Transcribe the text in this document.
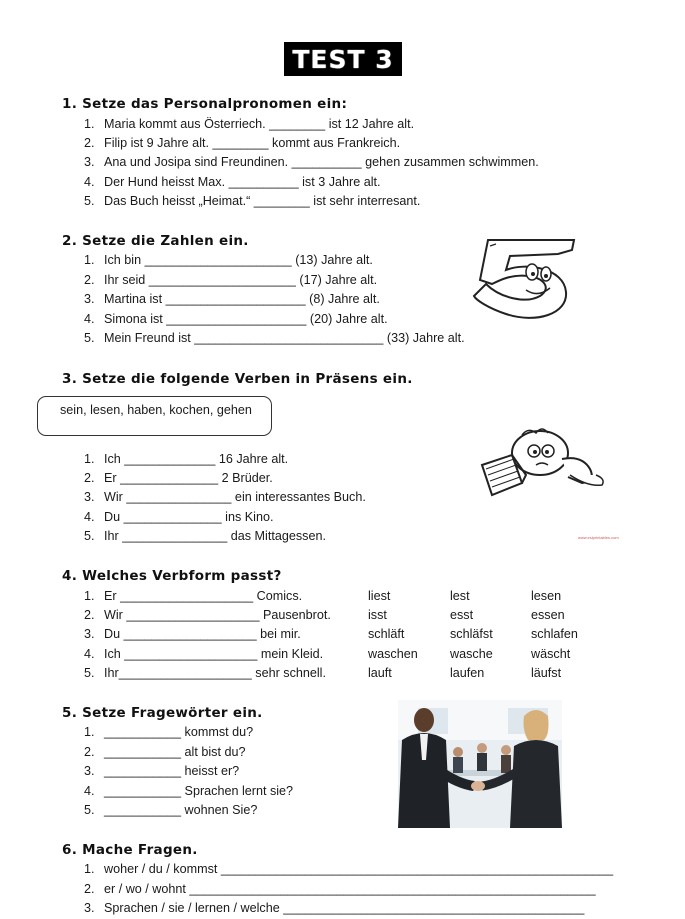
TEST 3
1. Setze das Personalpronomen ein:
1. Maria kommt aus Österriech. ________ ist 12 Jahre alt.
2. Filip ist 9 Jahre alt. ________ kommt aus Frankreich.
3. Ana und Josipa sind Freundinen. __________ gehen zusammen schwimmen.
4. Der Hund heisst Max. __________ ist 3 Jahre alt.
5. Das Buch heisst „Heimat.“ ________ ist sehr interresant.
2. Setze die Zahlen ein.
1. Ich bin _____________________ (13) Jahre alt.
2. Ihr seid _____________________ (17) Jahre alt.
3. Martina ist ____________________ (8) Jahre alt.
4. Simona ist ____________________ (20) Jahre alt.
5. Mein Freund ist ___________________________ (33) Jahre alt.
3. Setze die folgende Verben in Präsens ein.
sein, lesen, haben, kochen, gehen
1. Ich _____________ 16 Jahre alt.
2. Er ______________ 2 Brüder.
3. Wir _______________ ein interessantes Buch.
4. Du ______________ ins Kino.
5. Ihr _______________ das Mittagessen.	www.eslprintables.com
4. Welches Verbform passt?
1. Er ___________________ Comics.	liest	lest	lesen
2. Wir ___________________ Pausenbrot.	isst	esst	essen
3. Du ___________________ bei mir.	schläft	schläfst	schlafen
4. Ich ___________________ mein Kleid.	waschen	wasche	wäscht
5. Ihr___________________ sehr schnell.	lauft	laufen	läufst
5. Setze Fragewörter ein.
1. ___________ kommst du?
2. ___________ alt bist du?
3. ___________ heisst er?
4. ___________ Sprachen lernt sie?
5. ___________ wohnen Sie?
6. Mache Fragen.
1. woher / du / kommst ________________________________________________________
2. er / wo / wohnt __________________________________________________________
3. Sprachen / sie / lernen / welche ___________________________________________
